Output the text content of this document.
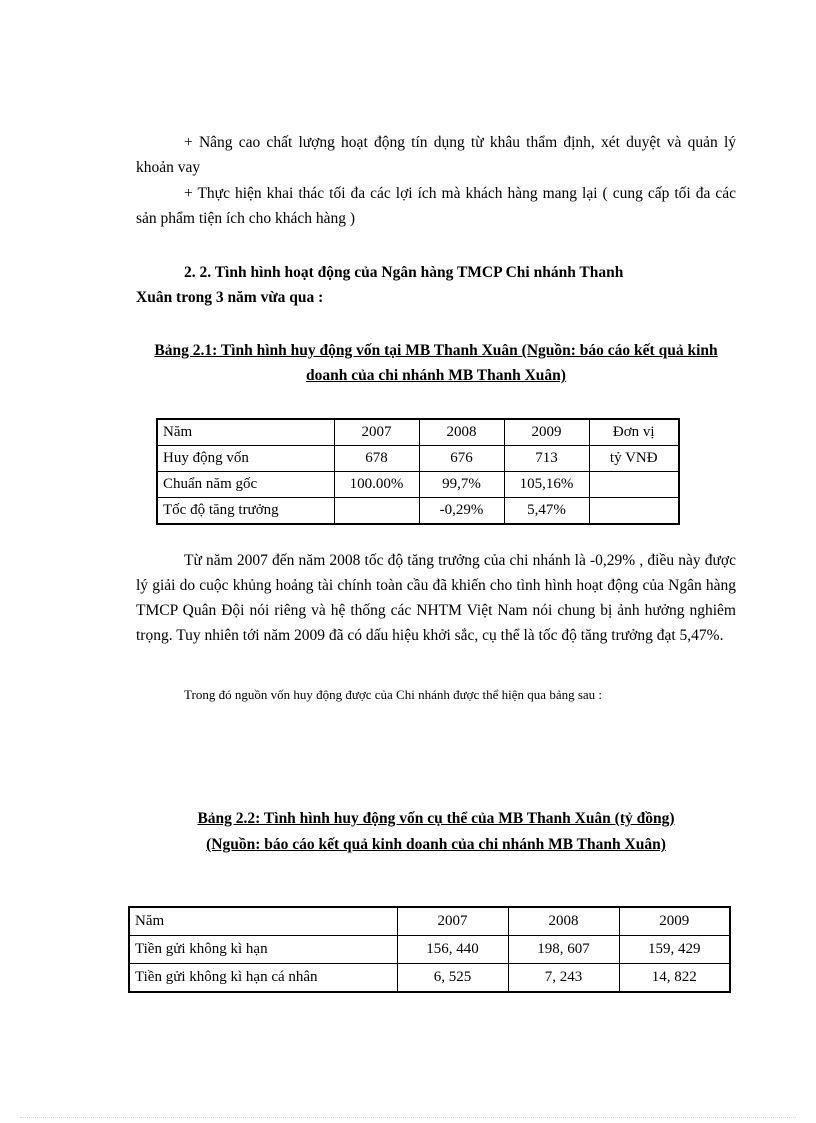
+ Nâng cao chất lượng hoạt động tín dụng từ khâu thẩm định, xét duyệt và quản lý khoản vay

+ Thực hiện khai thác tối đa các lợi ích mà khách hàng mang lại ( cung cấp tối đa các sản phẩm tiện ích cho khách hàng )

2. 2. Tình hình hoạt động của Ngân hàng TMCP Chi nhánh Thanh
Xuân trong 3 năm vừa qua :

Bảng 2.1: Tình hình huy động vốn tại MB Thanh Xuân (Nguồn: báo cáo kết quả kinh doanh của chi nhánh MB Thanh Xuân)

Năm	2007	2008	2009	Đơn vị
Huy động vốn	678	676	713	tỷ VNĐ
Chuẩn năm gốc	100.00%	99,7%	105,16%	
Tốc độ tăng trưởng		-0,29%	5,47%	

Từ năm 2007 đến năm 2008 tốc độ tăng trưởng của chi nhánh là -0,29% , điều này được lý giải do cuộc khủng hoảng tài chính toàn cầu đã khiến cho tình hình hoạt động của Ngân hàng TMCP Quân Đội nói riêng và hệ thống các NHTM Việt Nam nói chung bị ảnh hưởng nghiêm trọng. Tuy nhiên tới năm 2009 đã có dấu hiệu khởi sắc, cụ thể là tốc độ tăng trưởng đạt 5,47%.

Trong đó nguồn vốn huy động được của Chi nhánh được thể hiện qua bảng sau :

Bảng 2.2: Tình hình huy động vốn cụ thể của MB Thanh Xuân (tỷ đồng)

(Nguồn: báo cáo kết quả kinh doanh của chi nhánh MB Thanh Xuân)

Năm	2007	2008	2009
Tiền gửi không kì hạn	156, 440	198, 607	159, 429
Tiền gửi không kì hạn cá nhân	6, 525	7, 243	14, 822
